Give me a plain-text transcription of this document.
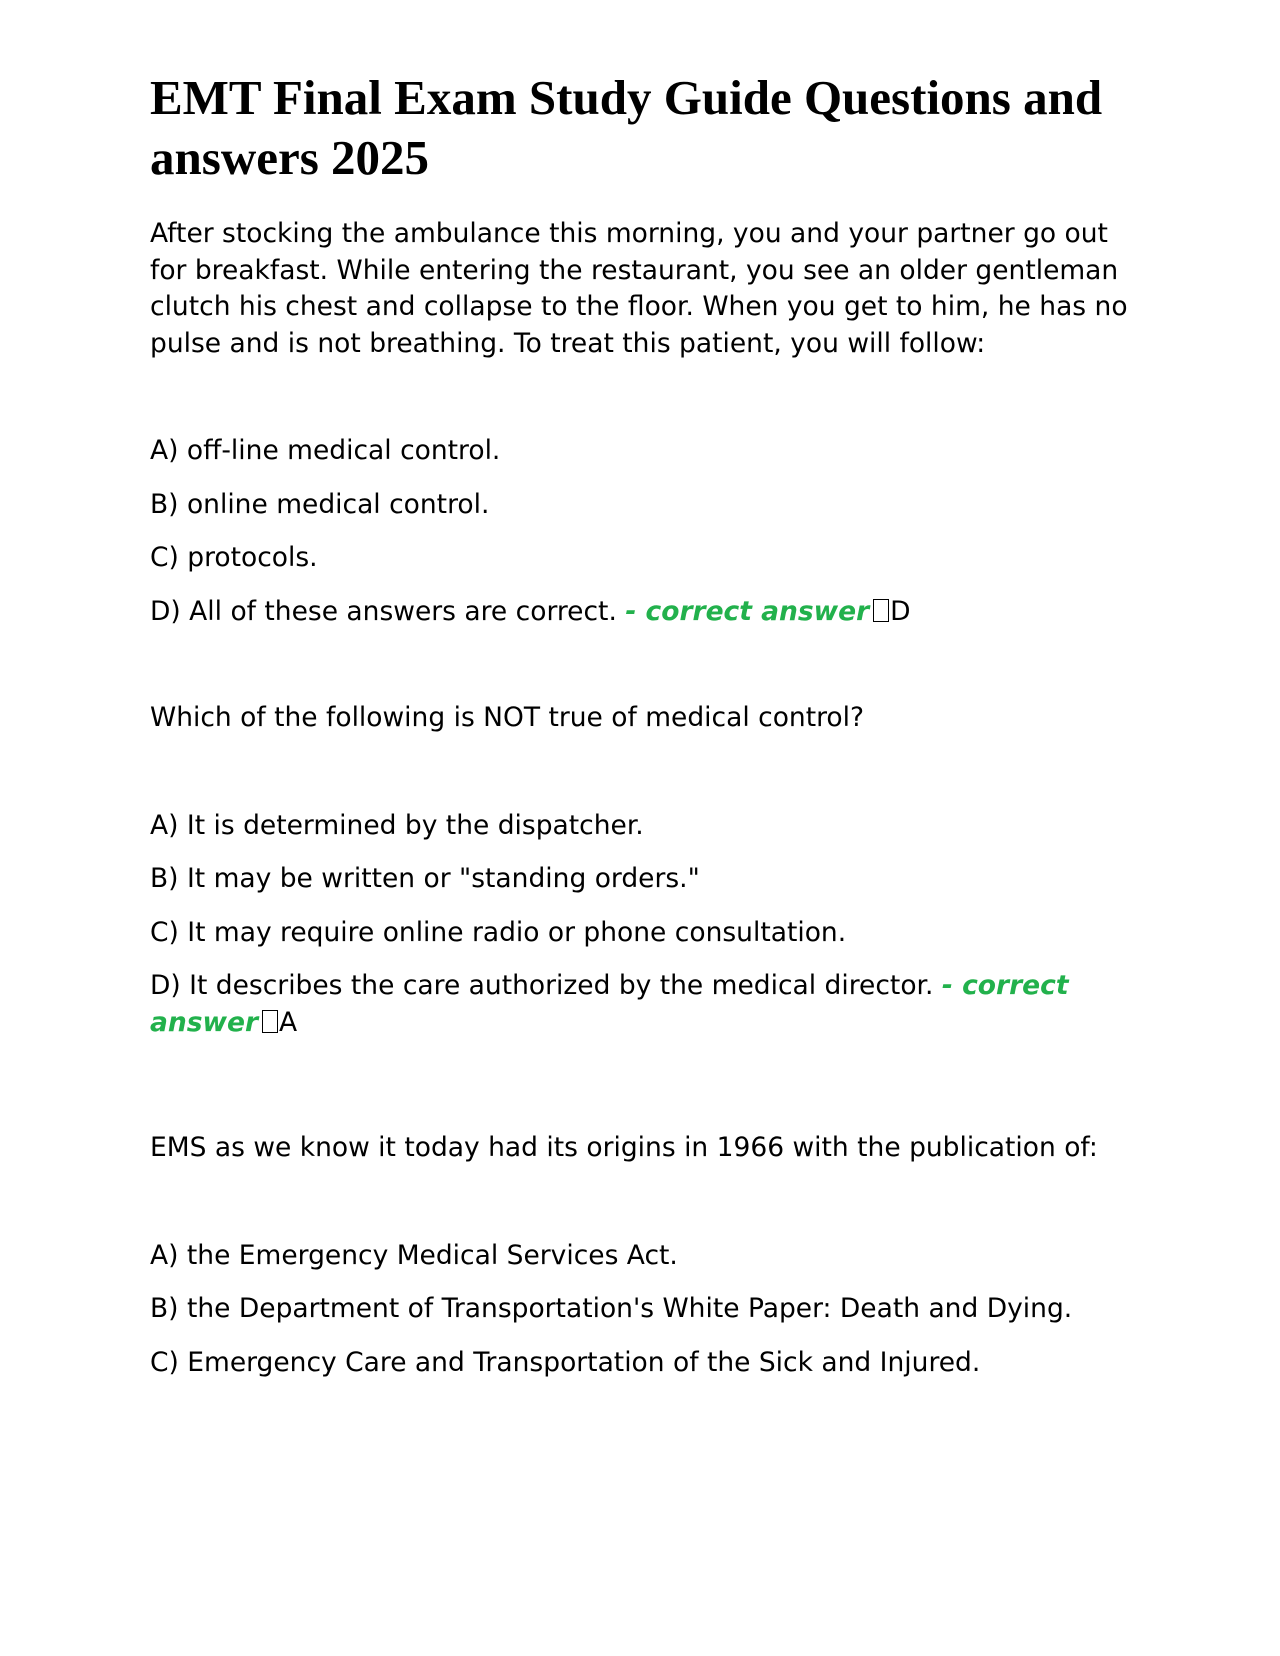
EMT Final Exam Study Guide Questions and answers 2025

After stocking the ambulance this morning, you and your partner go out for breakfast. While entering the restaurant, you see an older gentleman clutch his chest and collapse to the floor. When you get to him, he has no pulse and is not breathing. To treat this patient, you will follow:

A) off-line medical control.

B) online medical control.

C) protocols.

D) All of these answers are correct. - correct answer D

Which of the following is NOT true of medical control?

A) It is determined by the dispatcher.

B) It may be written or "standing orders."

C) It may require online radio or phone consultation.

D) It describes the care authorized by the medical director. - correct answer A

EMS as we know it today had its origins in 1966 with the publication of:

A) the Emergency Medical Services Act.

B) the Department of Transportation's White Paper: Death and Dying.

C) Emergency Care and Transportation of the Sick and Injured.
